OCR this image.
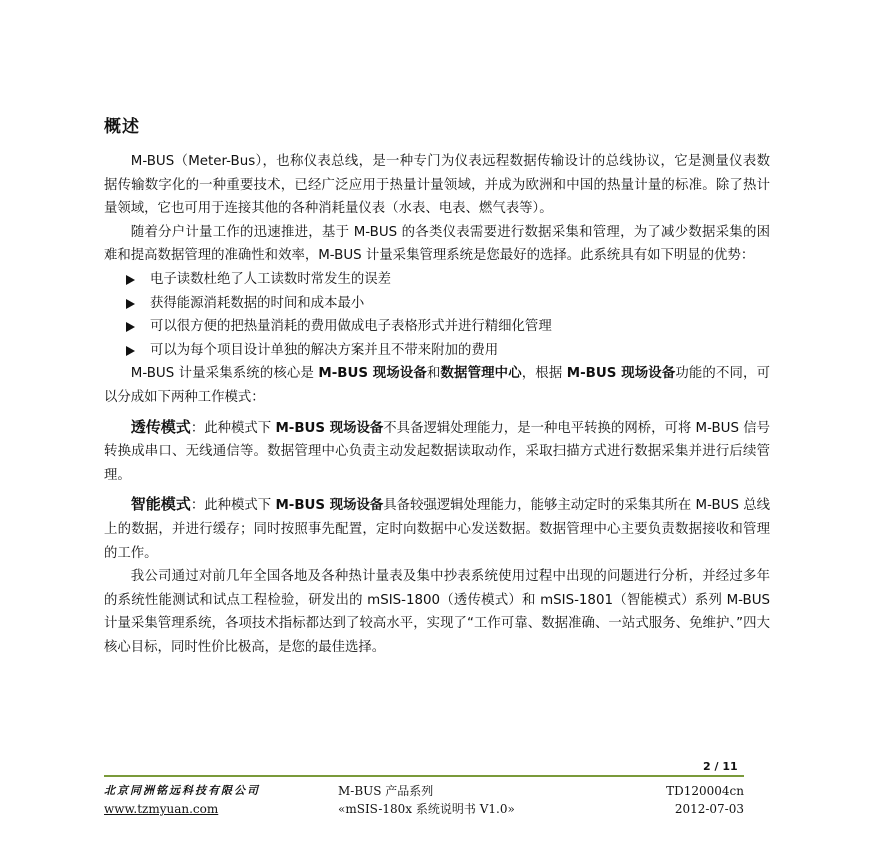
概述

M-BUS（Meter-Bus），也称仪表总线，是一种专门为仪表远程数据传输设计的总线协议，它是测量仪表数据传输数字化的一种重要技术，已经广泛应用于热量计量领域，并成为欧洲和中国的热量计量的标准。除了热计量领域，它也可用于连接其他的各种消耗量仪表（水表、电表、燃气表等）。

随着分户计量工作的迅速推进，基于 M-BUS 的各类仪表需要进行数据采集和管理，为了减少数据采集的困难和提高数据管理的准确性和效率，M-BUS 计量采集管理系统是您最好的选择。此系统具有如下明显的优势：

电子读数杜绝了人工读数时常发生的误差
获得能源消耗数据的时间和成本最小
可以很方便的把热量消耗的费用做成电子表格形式并进行精细化管理
可以为每个项目设计单独的解决方案并且不带来附加的费用

M-BUS 计量采集系统的核心是 M-BUS 现场设备和数据管理中心，根据 M-BUS 现场设备功能的不同，可以分成如下两种工作模式：

透传模式：此种模式下 M-BUS 现场设备不具备逻辑处理能力，是一种电平转换的网桥，可将 M-BUS 信号转换成串口、无线通信等。数据管理中心负责主动发起数据读取动作，采取扫描方式进行数据采集并进行后续管理。

智能模式：此种模式下 M-BUS 现场设备具备较强逻辑处理能力，能够主动定时的采集其所在 M-BUS 总线上的数据，并进行缓存；同时按照事先配置，定时向数据中心发送数据。数据管理中心主要负责数据接收和管理的工作。

我公司通过对前几年全国各地及各种热计量表及集中抄表系统使用过程中出现的问题进行分析，并经过多年的系统性能测试和试点工程检验，研发出的 mSIS-1800（透传模式）和 mSIS-1801（智能模式）系列 M-BUS 计量采集管理系统，各项技术指标都达到了较高水平，实现了“工作可靠、数据准确、一站式服务、免维护、”四大核心目标，同时性价比极高，是您的最佳选择。

2 / 11
北京同洲铭远科技有限公司
www.tzmyuan.com
M-BUS 产品系列
«mSIS-180x 系统说明书 V1.0»
TD120004cn
2012-07-03
